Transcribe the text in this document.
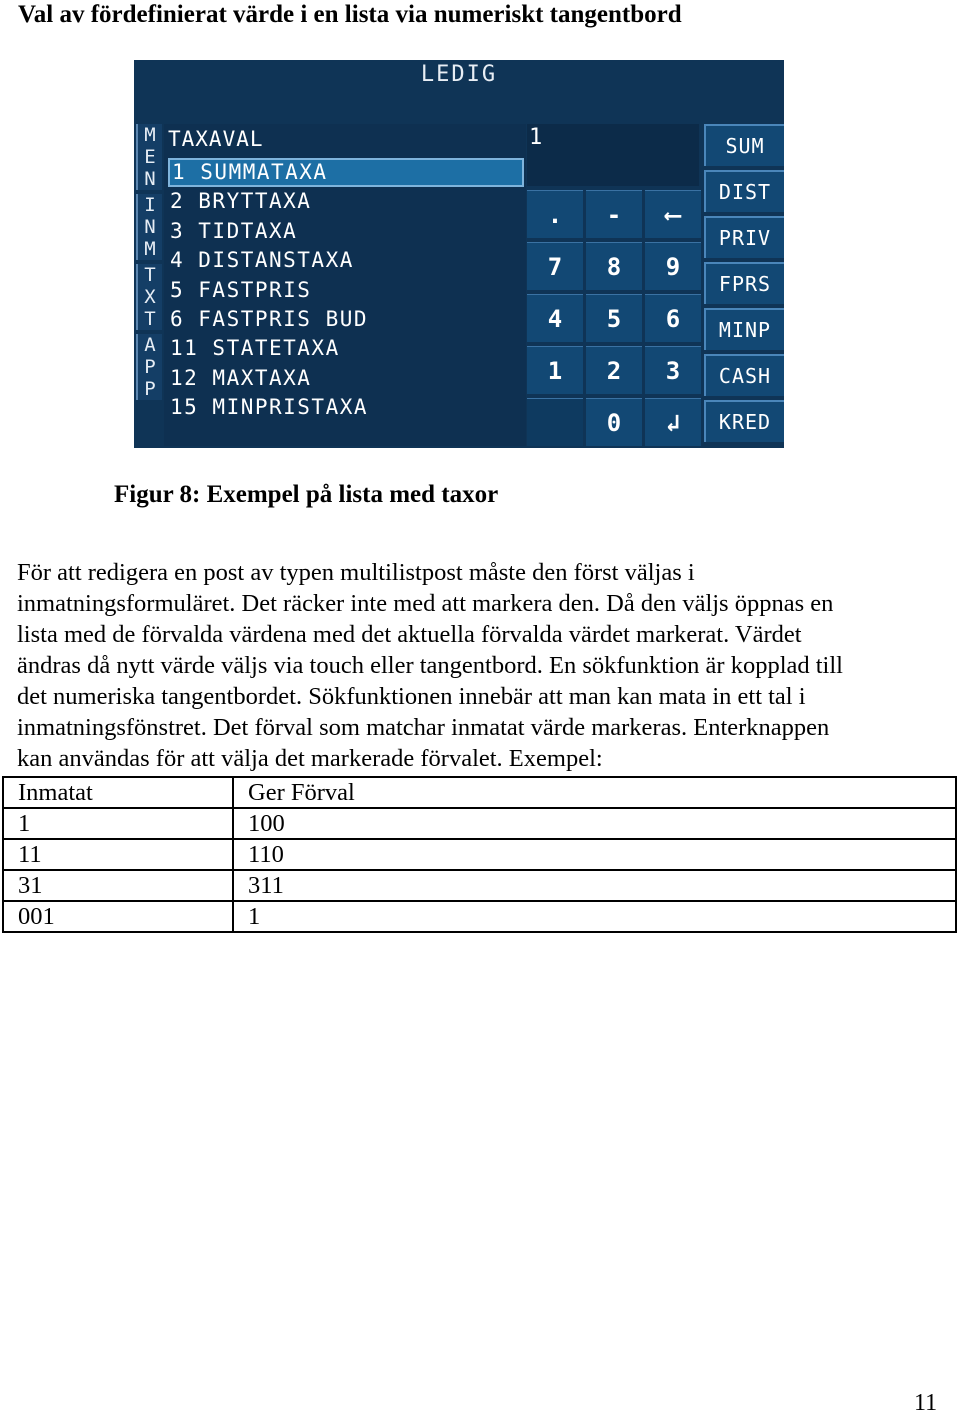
Val av fördefinierat värde i en lista via numeriskt tangentbord
LEDIG
M
E
N
I
N
M
T
X
T
A
P
P
TAXAVAL
1 SUMMATAXA
2 BRYTTAXA
3 TIDTAXA
4 DISTANSTAXA
5 FASTPRIS
6 FASTPRIS BUD
11 STATETAXA
12 MAXTAXA
15 MINPRISTAXA
1
.	-	⟵
7	8	9
4	5	6
1	2	3
0	↲
SUM
DIST
PRIV
FPRS
MINP
CASH
KRED
Figur 8: Exempel på lista med taxor
För att redigera en post av typen multilistpost måste den först väljas i
inmatningsformuläret. Det räcker inte med att markera den. Då den väljs öppnas en
lista med de förvalda värdena med det aktuella förvalda värdet markerat. Värdet
ändras då nytt värde väljs via touch eller tangentbord. En sökfunktion är kopplad till
det numeriska tangentbordet. Sökfunktionen innebär att man kan mata in ett tal i
inmatningsfönstret. Det förval som matchar inmatat värde markeras. Enterknappen
kan användas för att välja det markerade förvalet. Exempel:
Inmatat	Ger Förval
1	100
11	110
31	311
001	1
11
